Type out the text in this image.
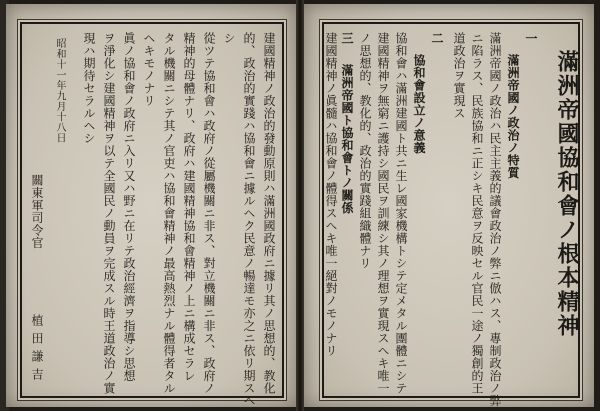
建國精神ノ政治的發動原則ハ滿洲國政府ニ據リ其ノ思想的、教化
的、政治的實踐ハ協和會ニ據ルヘク民意ノ暢達モ亦之ニ依リ期スヘ
シ
從ツテ協和會ハ政府ノ從屬機關ニ非ス、對立機關ニ非ス、政府ノ
精神的母體ナリ、政府ハ建國精神協和會精神ノ上ニ構成セラレ
タル機關ニシテ其ノ官吏ハ協和會精神ノ最高熱烈ナル體得者タル
ヘキモノナリ
眞ノ協和會ノ政府ニ入リ又ハ野ニ在リテ政治經濟ヲ指導シ思想
ヲ淨化シ建國精神ヲ以テ全國民ノ動員ヲ完成スル時王道政治ノ實
現ハ期待セラルヘシ
昭和十一年九月十八日
關東軍司令官
植田謙吉
滿洲帝國協和會ノ根本精神
一
滿洲帝國ノ政治ノ特質
滿洲帝國ノ政治ハ民主主義的議會政治ノ弊ニ倣ハス、專制政治ノ弊
ニ陷ラス、民族協和ニ正シキ民意ヲ反映セル官民一途ノ獨創的王
道政治ヲ實現ス
二
協和會設立ノ意義
協和會ハ滿洲建國ト共ニ生レ國家機構トシテ定メタル團體ニシテ
建國精神ヲ無窮ニ護持シ國民ヲ訓練シ其ノ理想ヲ實現スヘキ唯一
ノ思想的、教化的、政治的實踐組織體ナリ
三
滿洲帝國ト協和會トノ關係
建國精神ノ眞髓ハ協和會ノ體得スヘキ唯一絕對ノモノナリ
